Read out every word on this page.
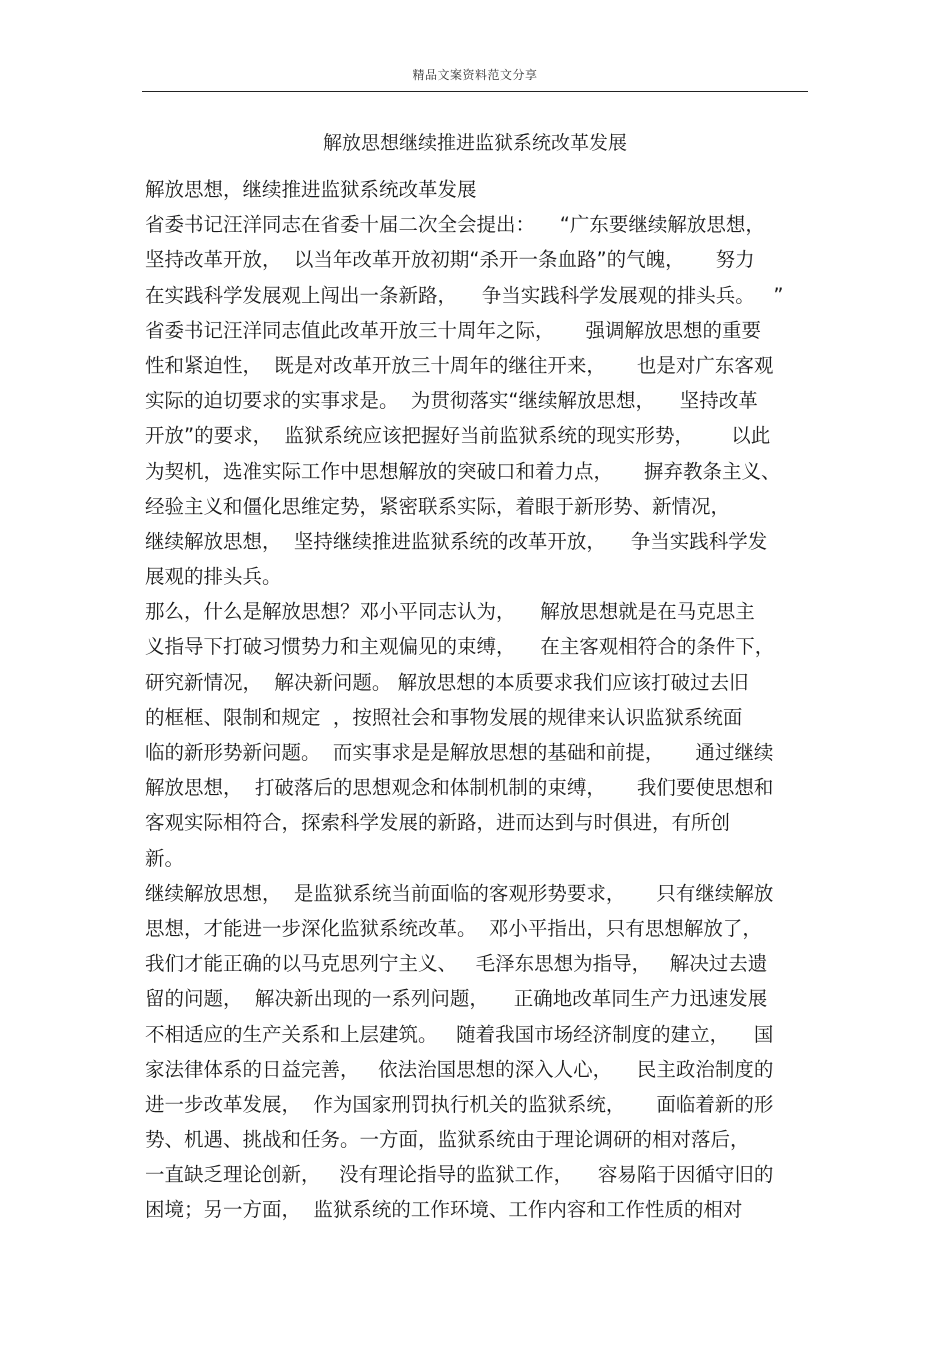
精品文案资料范文分享
解放思想继续推进监狱系统改革发展
解放思想，继续推进监狱系统改革发展
省委书记汪洋同志在省委十届二次全会提出：    “广东要继续解放思想，
坚持改革开放，  以当年改革开放初期“杀开一条血路”的气魄，     努力
在实践科学发展观上闯出一条新路，    争当实践科学发展观的排头兵。   ”
省委书记汪洋同志值此改革开放三十周年之际，     强调解放思想的重要
性和紧迫性，  既是对改革开放三十周年的继往开来，     也是对广东客观
实际的迫切要求的实事求是。  为贯彻落实“继续解放思想，    坚持改革
开放”的要求，  监狱系统应该把握好当前监狱系统的现实形势，      以此
为契机，选准实际工作中思想解放的突破口和着力点，     摒弃教条主义、
经验主义和僵化思维定势，紧密联系实际，着眼于新形势、新情况，
继续解放思想，  坚持继续推进监狱系统的改革开放，    争当实践科学发
展观的排头兵。
那么，什么是解放思想？邓小平同志认为，    解放思想就是在马克思主
义指导下打破习惯势力和主观偏见的束缚，    在主客观相符合的条件下，
研究新情况，  解决新问题。 解放思想的本质要求我们应该打破过去旧
的框框、限制和规定  ，按照社会和事物发展的规律来认识监狱系统面
临的新形势新问题。  而实事求是是解放思想的基础和前提，     通过继续
解放思想，  打破落后的思想观念和体制机制的束缚，     我们要使思想和
客观实际相符合，探索科学发展的新路，进而达到与时俱进，有所创
新。
继续解放思想，  是监狱系统当前面临的客观形势要求，     只有继续解放
思想，才能进一步深化监狱系统改革。  邓小平指出，只有思想解放了，
我们才能正确的以马克思列宁主义、   毛泽东思想为指导，   解决过去遗
留的问题，  解决新出现的一系列问题，    正确地改革同生产力迅速发展
不相适应的生产关系和上层建筑。   随着我国市场经济制度的建立，    国
家法律体系的日益完善，   依法治国思想的深入人心，    民主政治制度的
进一步改革发展，  作为国家刑罚执行机关的监狱系统，     面临着新的形
势、机遇、挑战和任务。一方面，监狱系统由于理论调研的相对落后，
一直缺乏理论创新，   没有理论指导的监狱工作，    容易陷于因循守旧的
困境；另一方面，  监狱系统的工作环境、工作内容和工作性质的相对
